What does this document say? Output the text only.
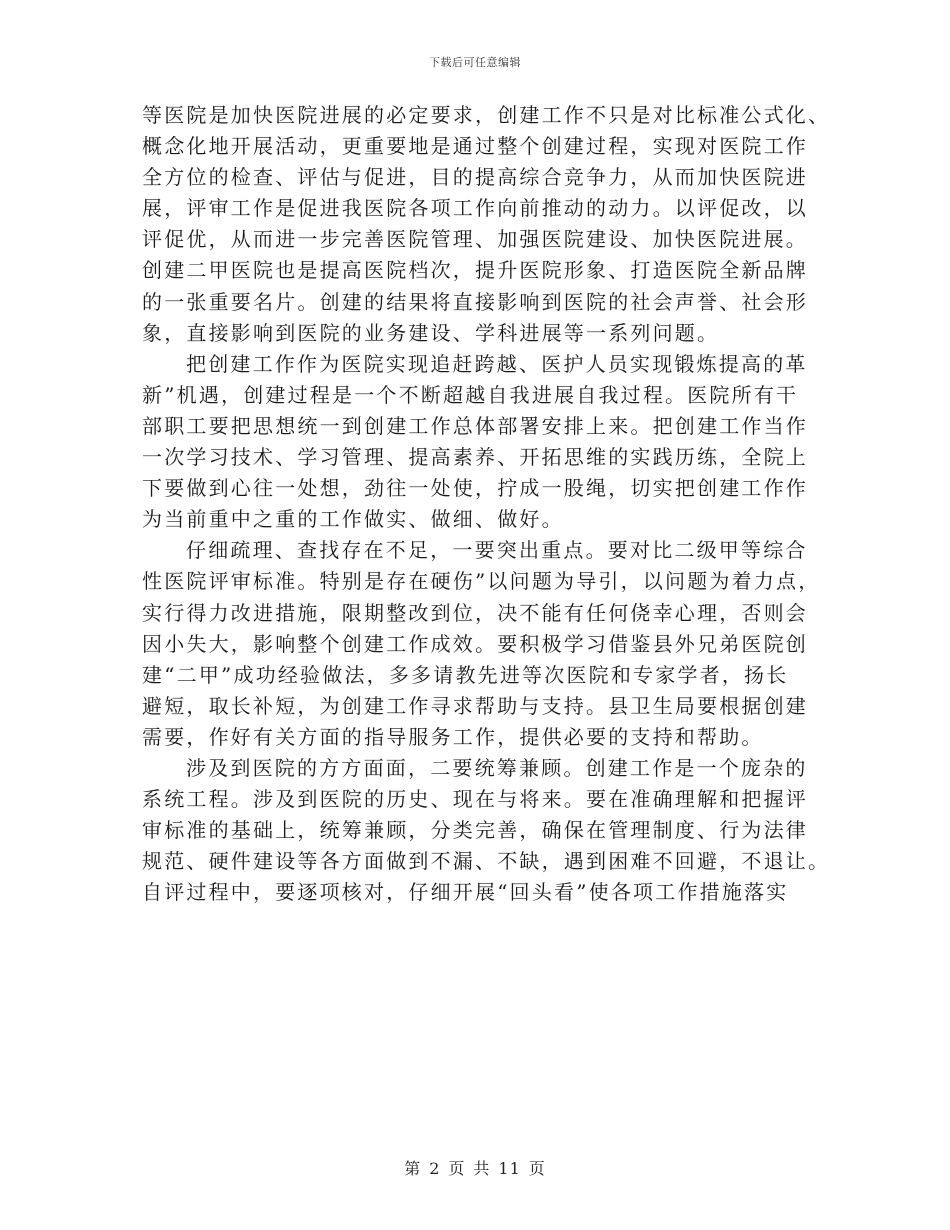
下载后可任意编辑
等医院是加快医院进展的必定要求，创建工作不只是对比标准公式化、
概念化地开展活动，更重要地是通过整个创建过程，实现对医院工作
全方位的检查、评估与促进，目的提高综合竞争力，从而加快医院进
展，评审工作是促进我医院各项工作向前推动的动力。以评促改，以
评促优，从而进一步完善医院管理、加强医院建设、加快医院进展。
创建二甲医院也是提高医院档次，提升医院形象、打造医院全新品牌
的一张重要名片。创建的结果将直接影响到医院的社会声誉、社会形
象，直接影响到医院的业务建设、学科进展等一系列问题。
把创建工作作为医院实现追赶跨越、医护人员实现锻炼提高的革
新”机遇，创建过程是一个不断超越自我进展自我过程。医院所有干
部职工要把思想统一到创建工作总体部署安排上来。把创建工作当作
一次学习技术、学习管理、提高素养、开拓思维的实践历练，全院上
下要做到心往一处想，劲往一处使，拧成一股绳，切实把创建工作作
为当前重中之重的工作做实、做细、做好。
仔细疏理、查找存在不足，一要突出重点。要对比二级甲等综合
性医院评审标准。特别是存在硬伤”以问题为导引，以问题为着力点，
实行得力改进措施，限期整改到位，决不能有任何侥幸心理，否则会
因小失大，影响整个创建工作成效。要积极学习借鉴县外兄弟医院创
建“二甲”成功经验做法，多多请教先进等次医院和专家学者，扬长
避短，取长补短，为创建工作寻求帮助与支持。县卫生局要根据创建
需要，作好有关方面的指导服务工作，提供必要的支持和帮助。
涉及到医院的方方面面，二要统筹兼顾。创建工作是一个庞杂的
系统工程。涉及到医院的历史、现在与将来。要在准确理解和把握评
审标准的基础上，统筹兼顾，分类完善，确保在管理制度、行为法律
规范、硬件建设等各方面做到不漏、不缺，遇到困难不回避，不退让。
自评过程中，要逐项核对，仔细开展“回头看”使各项工作措施落实
第 2 页 共 11 页
